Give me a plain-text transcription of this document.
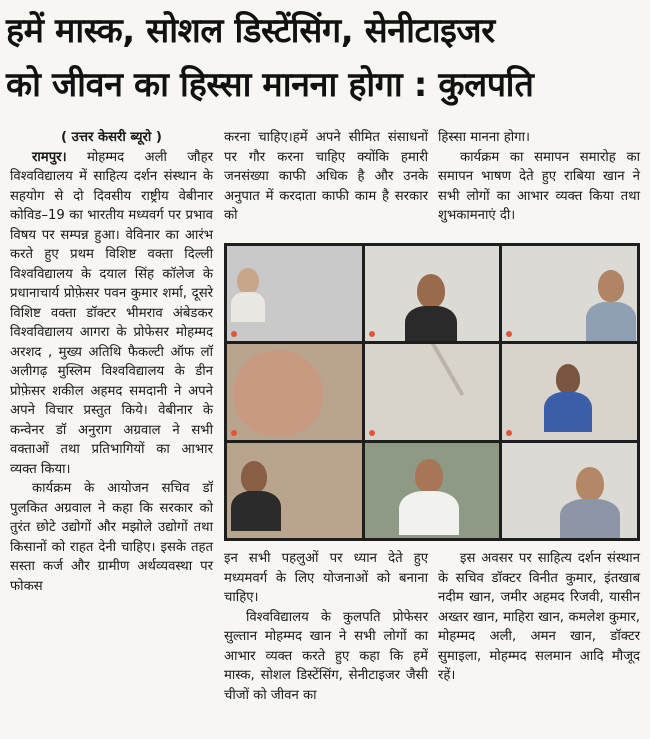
हमें मास्क, सोशल डिस्टेंसिंग, सेनीटाइजर
को जीवन का हिस्सा मानना होगा : कुलपति
( उत्तर केसरी ब्यूरो )

रामपुर। मोहम्मद अली जौहर विश्वविद्यालय में साहित्य दर्शन संस्थान के सहयोग से दो दिवसीय राष्ट्रीय वेबीनार कोविड–19 का भारतीय मध्यवर्ग पर प्रभाव विषय पर सम्पन्न हुआ। वेविनार का आरंभ करते हुए प्रथम विशिष्ट वक्ता दिल्ली विश्वविद्यालय के दयाल सिंह कॉलेज के प्रधानाचार्य प्रोफ़ेसर पवन कुमार शर्मा, दूसरे विशिष्ट वक्ता डॉक्टर भीमराव अंबेडकर विश्वविद्यालय आगरा के प्रोफेसर मोहम्मद अरशद , मुख्य अतिथि फैकल्टी ऑफ लॉ अलीगढ़ मुस्लिम विश्वविद्यालय के डीन प्रोफ़ेसर शकील अहमद समदानी ने अपने अपने विचार प्रस्तुत किये। वेबीनार के कन्वेनर डॉ अनुराग अग्रवाल ने सभी वक्ताओं तथा प्रतिभागियों का आभार व्यक्त किया।

कार्यक्रम के आयोजन सचिव डॉ पुलकित अग्रवाल ने कहा कि सरकार को तुरंत छोटे उद्योगों और मझोले उद्योगों तथा किसानों को राहत देनी चाहिए। इसके तहत सस्ता कर्ज और ग्रामीण अर्थव्यवस्था पर फोकस

करना चाहिए।हमें अपने सीमित संसाधनों पर गौर करना चाहिए क्योंकि हमारी जनसंख्या काफी अधिक है और उनके अनुपात में करदाता काफी काम है सरकार को

हिस्सा मानना होगा।

कार्यक्रम का समापन समारोह का समापन भाषण देते हुए राबिया खान ने सभी लोगों का आभार व्यक्त किया तथा शुभकामनाएं दी।

इन सभी पहलुओं पर ध्यान देते हुए मध्यमवर्ग के लिए योजनाओं को बनाना चाहिए।

विश्वविद्यालय के कुलपति प्रोफेसर सुल्तान मोहम्मद खान ने सभी लोगों का आभार व्यक्त करते हुए कहा कि हमें मास्क, सोशल डिस्टेंसिंग, सेनीटाइजर जैसी चीजों को जीवन का

इस अवसर पर साहित्य दर्शन संस्थान के सचिव डॉक्टर विनीत कुमार, इंतखाब नदीम खान, जमीर अहमद रिजवी, यासीन अख्तर खान, माहिरा खान, कमलेश कुमार, मोहम्मद अली, अमन खान, डॉक्टर सुमाइला, मोहम्मद सलमान आदि मौजूद रहें।
